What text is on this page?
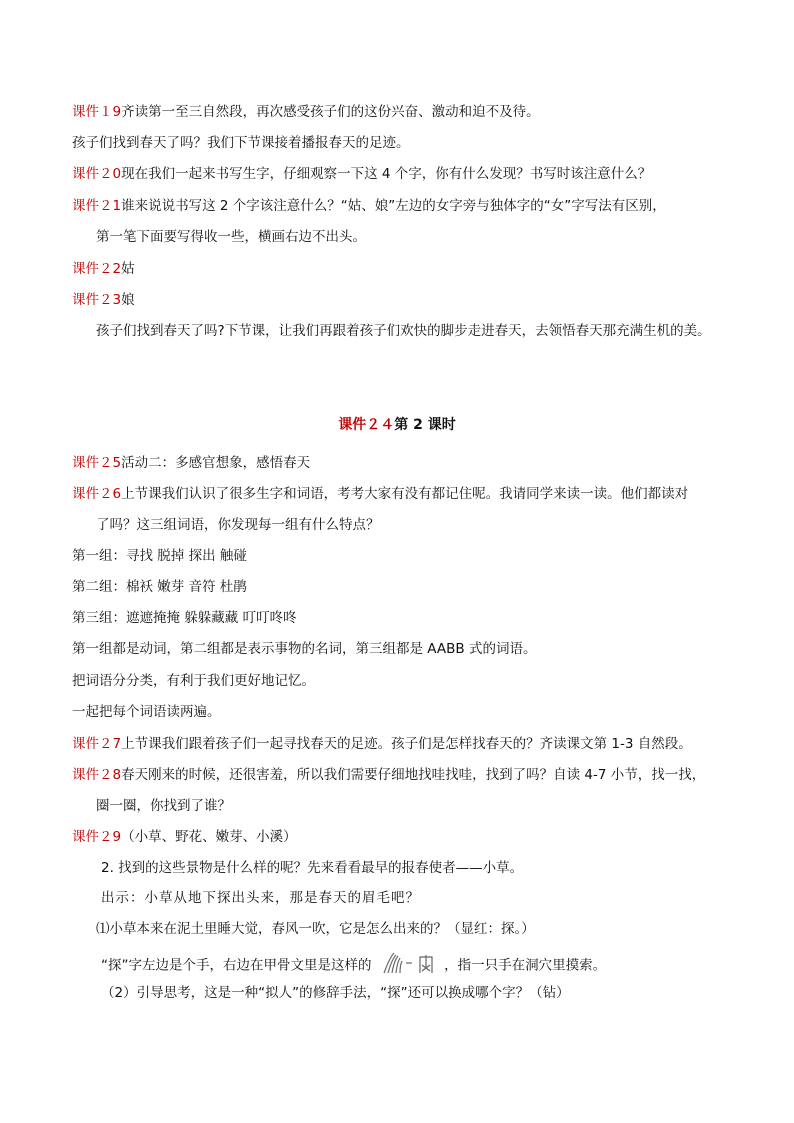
课件１9齐读第一至三自然段，再次感受孩子们的这份兴奋、激动和迫不及待。
孩子们找到春天了吗？我们下节课接着播报春天的足迹。
课件２0现在我们一起来书写生字，仔细观察一下这 4 个字，你有什么发现？书写时该注意什么？
课件２1谁来说说书写这 2 个字该注意什么？“姑、娘”左边的女字旁与独体字的“女”字写法有区别，
第一笔下面要写得收一些，横画右边不出头。
课件２2姑
课件２3娘
孩子们找到春天了吗?下节课，让我们再跟着孩子们欢快的脚步走进春天，去领悟春天那充满生机的美。
课件２４第 2 课时
课件２5活动二：多感官想象，感悟春天
课件２6上节课我们认识了很多生字和词语，考考大家有没有都记住呢。我请同学来读一读。他们都读对
了吗？这三组词语，你发现每一组有什么特点？
第一组：寻找 脱掉 探出 触碰
第二组：棉袄 嫩芽 音符 杜鹃
第三组：遮遮掩掩 躲躲藏藏 叮叮咚咚
第一组都是动词，第二组都是表示事物的名词，第三组都是 AABB 式的词语。
把词语分分类，有利于我们更好地记忆。
一起把每个词语读两遍。
课件２7上节课我们跟着孩子们一起寻找春天的足迹。孩子们是怎样找春天的？齐读课文第 1-3 自然段。
课件２8春天刚来的时候，还很害羞，所以我们需要仔细地找哇找哇，找到了吗？自读 4-7 小节，找一找，
圈一圈，你找到了谁？
课件２9（小草、野花、嫩芽、小溪）
2. 找到的这些景物是什么样的呢？先来看看最早的报春使者——小草。
出示：小草从地下探出头来，那是春天的眉毛吧？
⑴小草本来在泥土里睡大觉，春风一吹，它是怎么出来的？（显红：探。）
“探”字左边是个手，右边在甲骨文里是这样的	，指一只手在洞穴里摸索。
（2）引导思考，这是一种“拟人”的修辞手法，“探”还可以换成哪个字？（钻）
